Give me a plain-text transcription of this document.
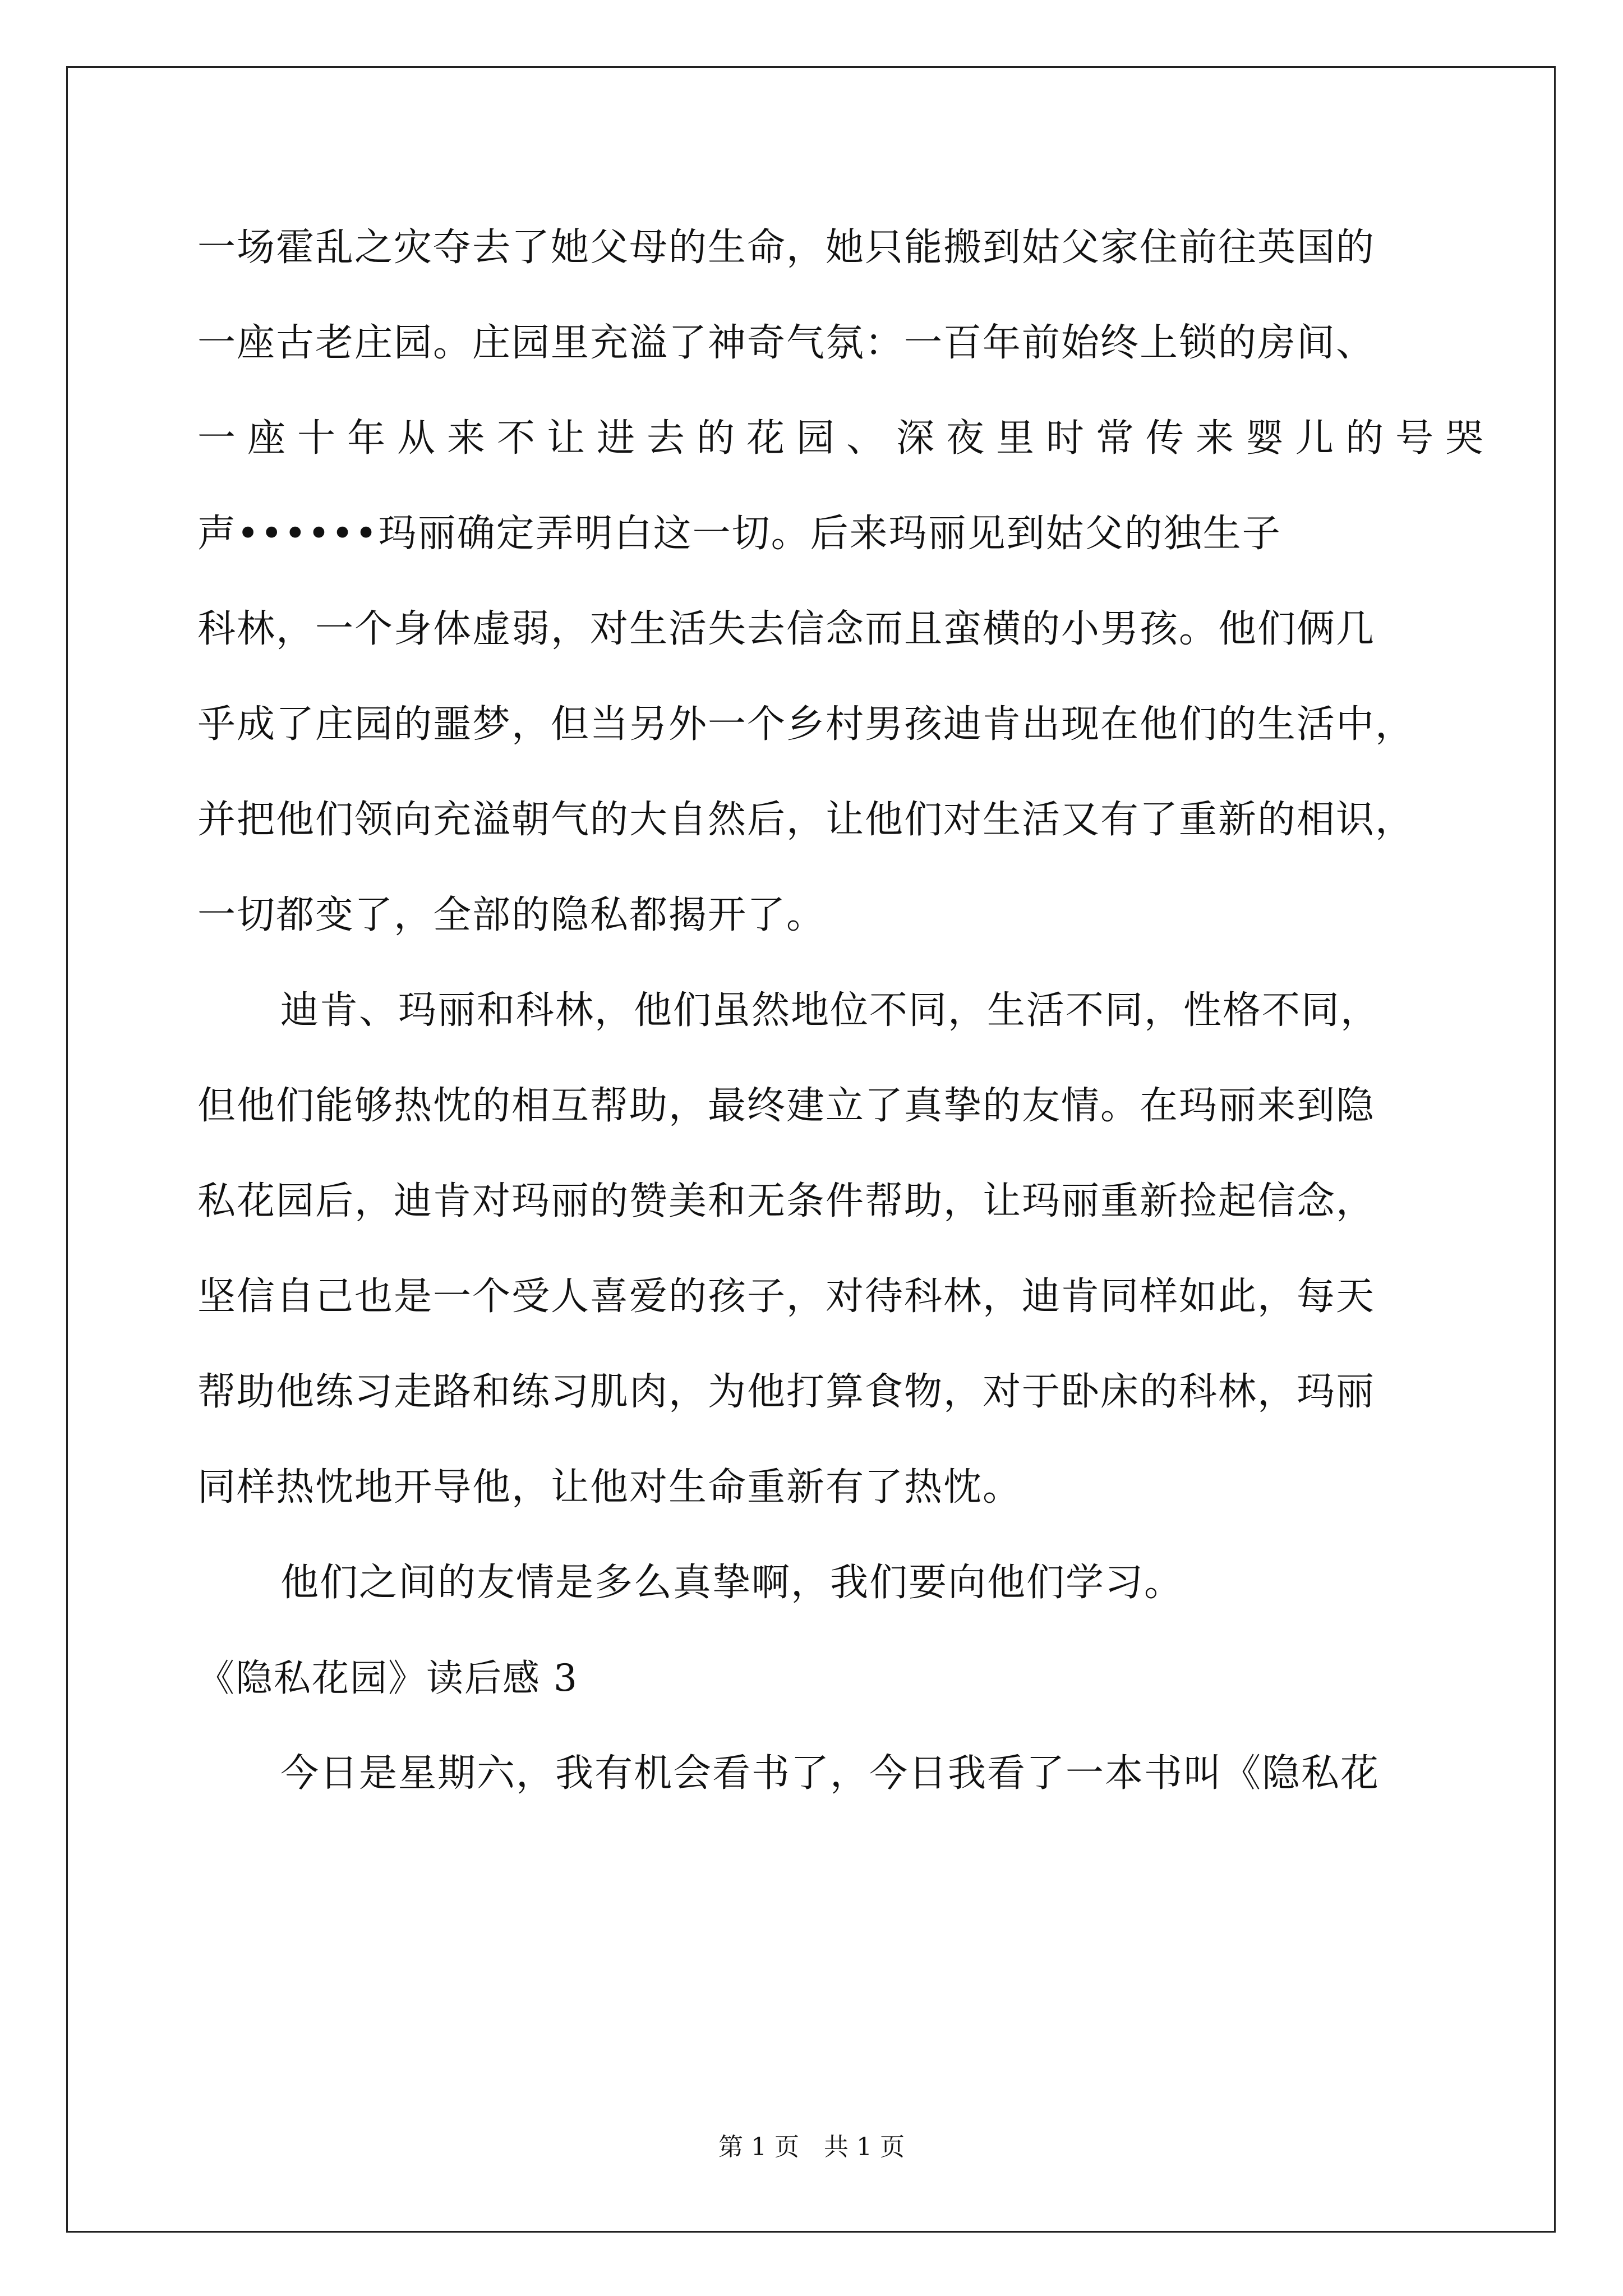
一场霍乱之灾夺去了她父母的生命，她只能搬到姑父家住前往英国的
一座古老庄园。庄园里充溢了神奇气氛：一百年前始终上锁的房间、
一座十年从来不让进去的花园、深夜里时常传来婴儿的号哭
声••••••玛丽确定弄明白这一切。后来玛丽见到姑父的独生子
科林，一个身体虚弱，对生活失去信念而且蛮横的小男孩。他们俩几
乎成了庄园的噩梦，但当另外一个乡村男孩迪肯出现在他们的生活中，
并把他们领向充溢朝气的大自然后，让他们对生活又有了重新的相识，
一切都变了，全部的隐私都揭开了。
迪肯、玛丽和科林，他们虽然地位不同，生活不同，性格不同，
但他们能够热忱的相互帮助，最终建立了真挚的友情。在玛丽来到隐
私花园后，迪肯对玛丽的赞美和无条件帮助，让玛丽重新捡起信念，
坚信自己也是一个受人喜爱的孩子，对待科林，迪肯同样如此，每天
帮助他练习走路和练习肌肉，为他打算食物，对于卧床的科林，玛丽
同样热忱地开导他，让他对生命重新有了热忱。
他们之间的友情是多么真挚啊，我们要向他们学习。
《隐私花园》读后感 3
今日是星期六，我有机会看书了，今日我看了一本书叫《隐私花
第 1 页　共 1 页
